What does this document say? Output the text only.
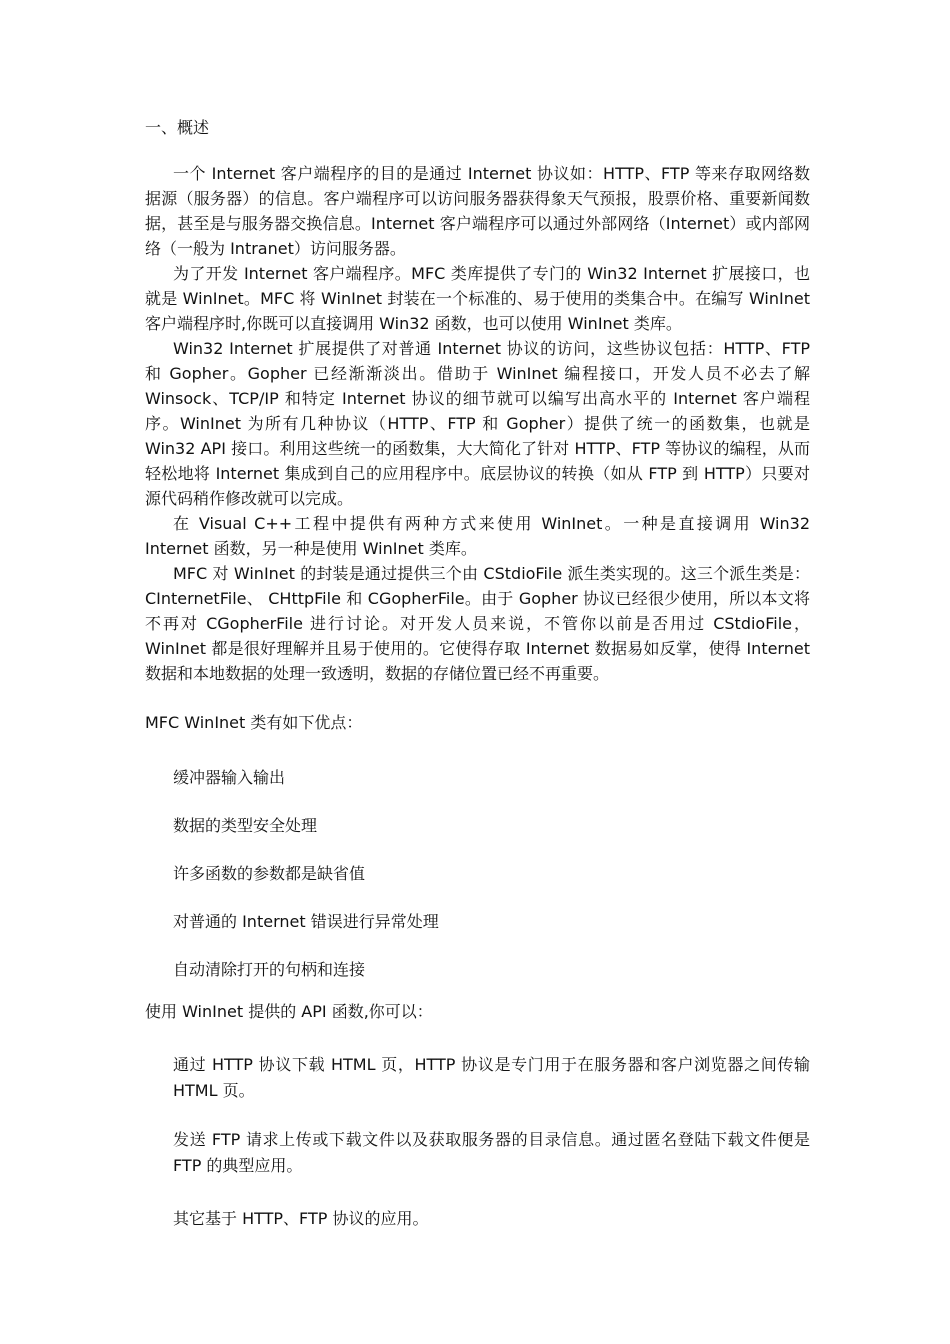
一、概述

一个 Internet 客户端程序的目的是通过 Internet 协议如：HTTP、FTP 等来存取网络数据源（服务器）的信息。客户端程序可以访问服务器获得象天气预报，股票价格、重要新闻数据，甚至是与服务器交换信息。Internet 客户端程序可以通过外部网络（Internet）或内部网络（一般为 Intranet）访问服务器。

为了开发 Internet 客户端程序。MFC 类库提供了专门的 Win32 Internet 扩展接口，也就是 WinInet。MFC 将 WinInet 封装在一个标准的、易于使用的类集合中。在编写 WinInet 客户端程序时,你既可以直接调用 Win32 函数，也可以使用 WinInet 类库。

Win32 Internet 扩展提供了对普通 Internet 协议的访问，这些协议包括：HTTP、FTP 和 Gopher。Gopher 已经渐渐淡出。借助于 WinInet 编程接口，开发人员不必去了解 Winsock、TCP/IP 和特定 Internet 协议的细节就可以编写出高水平的 Internet 客户端程序。WinInet 为所有几种协议（HTTP、FTP 和 Gopher）提供了统一的函数集，也就是 Win32 API 接口。利用这些统一的函数集，大大简化了针对 HTTP、FTP 等协议的编程，从而轻松地将 Internet 集成到自己的应用程序中。底层协议的转换（如从 FTP 到 HTTP）只要对源代码稍作修改就可以完成。

在 Visual C++工程中提供有两种方式来使用 WinInet。一种是直接调用 Win32 Internet 函数，另一种是使用 WinInet 类库。

MFC 对 WinInet 的封装是通过提供三个由 CStdioFile 派生类实现的。这三个派生类是：CInternetFile、 CHttpFile 和 CGopherFile。由于 Gopher 协议已经很少使用，所以本文将不再对 CGopherFile 进行讨论。对开发人员来说，不管你以前是否用过 CStdioFile，WinInet 都是很好理解并且易于使用的。它使得存取 Internet 数据易如反掌，使得 Internet 数据和本地数据的处理一致透明，数据的存储位置已经不再重要。

MFC WinInet 类有如下优点：
缓冲器输入输出
数据的类型安全处理
许多函数的参数都是缺省值
对普通的 Internet 错误进行异常处理
自动清除打开的句柄和连接
使用 WinInet 提供的 API 函数,你可以：
通过 HTTP 协议下载 HTML 页，HTTP 协议是专门用于在服务器和客户浏览器之间传输 HTML 页。
发送 FTP 请求上传或下载文件以及获取服务器的目录信息。通过匿名登陆下载文件便是 FTP 的典型应用。
其它基于 HTTP、FTP 协议的应用。
